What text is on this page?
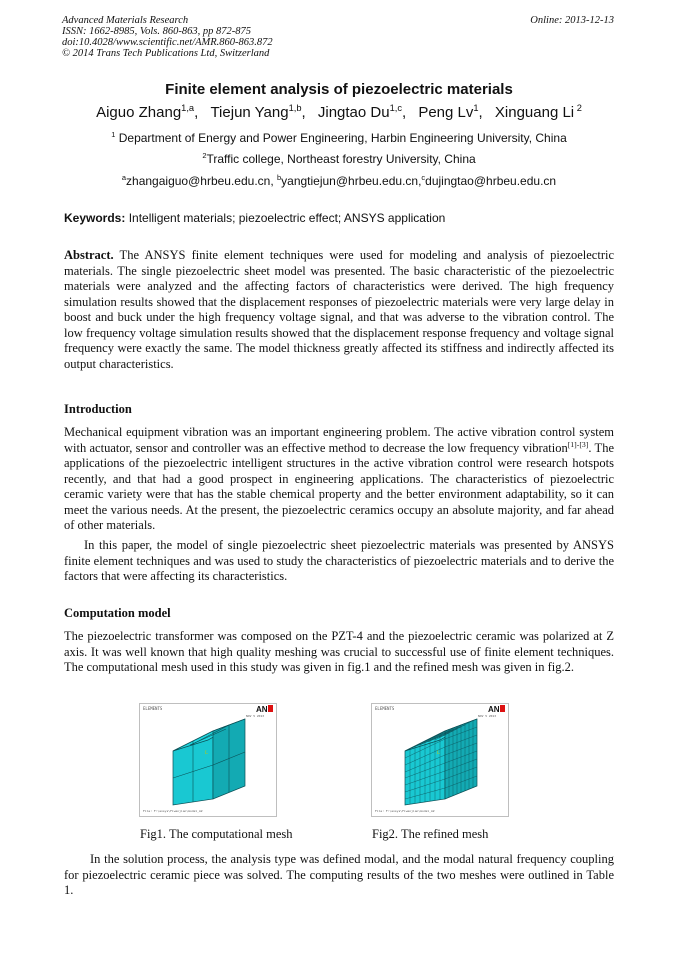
Advanced Materials Research
ISSN: 1662-8985, Vols. 860-863, pp 872-875
doi:10.4028/www.scientific.net/AMR.860-863.872
© 2014 Trans Tech Publications Ltd, Switzerland
Online: 2013-12-13
Finite element analysis of piezoelectric materials
Aiguo Zhang$^{1,a}$, Tiejun Yang$^{1,b}$, Jingtao Du$^{1,c}$, Peng Lv$^1$, Xinguang Li $^2$
$^1$ Department of Energy and Power Engineering, Harbin Engineering University, China
$^2$Traffic college, Northeast forestry University, China
$^a$zhangaiguo@hrbeu.edu.cn, $^b$yangtiejun@hrbeu.edu.cn,$^c$dujingtao@hrbeu.edu.cn
Keywords: Intelligent materials; piezoelectric effect; ANSYS application
Abstract. The ANSYS finite element techniques were used for modeling and analysis of piezoelectric materials. The single piezoelectric sheet model was presented. The basic characteristic of the piezoelectric materials were analyzed and the affecting factors of characteristics were derived. The high frequency simulation results showed that the displacement responses of piezoelectric materials were very large delay in boost and buck under the high frequency voltage signal, and that was adverse to the vibration control. The low frequency voltage simulation results showed that the displacement response frequency and voltage signal frequency were exactly the same. The model thickness greatly affected its stiffness and indirectly affected its output characteristics.
Introduction
Mechanical equipment vibration was an important engineering problem. The active vibration control system with actuator, sensor and controller was an effective method to decrease the low frequency vibration[1]-[3]. The applications of the piezoelectric intelligent structures in the active vibration control were research hotspots recently, and that had a good prospect in engineering applications. The characteristics of piezoelectric ceramic variety were that has the stable chemical property and the better environment adaptability, so it can meet the various needs. At the present, the piezoelectric ceramics occupy an absolute majority, and far ahead of other materials.
In this paper, the model of single piezoelectric sheet piezoelectric materials was presented by ANSYS finite element techniques and was used to study the characteristics of piezoelectric materials and to derive the factors that were affecting its characteristics.
Computation model
The piezoelectric transformer was composed on the PZT-4 and the piezoelectric ceramic was polarized at Z axis. It was well known that high quality meshing was crucial to successful use of finite element techniques. The computational mesh used in this study was given in fig.1 and the refined mesh was given in fig.2.
ELEMENTS	AN
NOV 5 2013
L
File: F:\ansys\Fiwenjian\model_A2
Fig1. The computational mesh
ELEMENTS	AN
NOV 5 2013
L
File: F:\ansys\Fiwenjian\model_A2
Fig2. The refined mesh
In the solution process, the analysis type was defined modal, and the modal natural frequency coupling for piezoelectric ceramic piece was solved. The computing results of the two meshes were outlined in Table 1.
